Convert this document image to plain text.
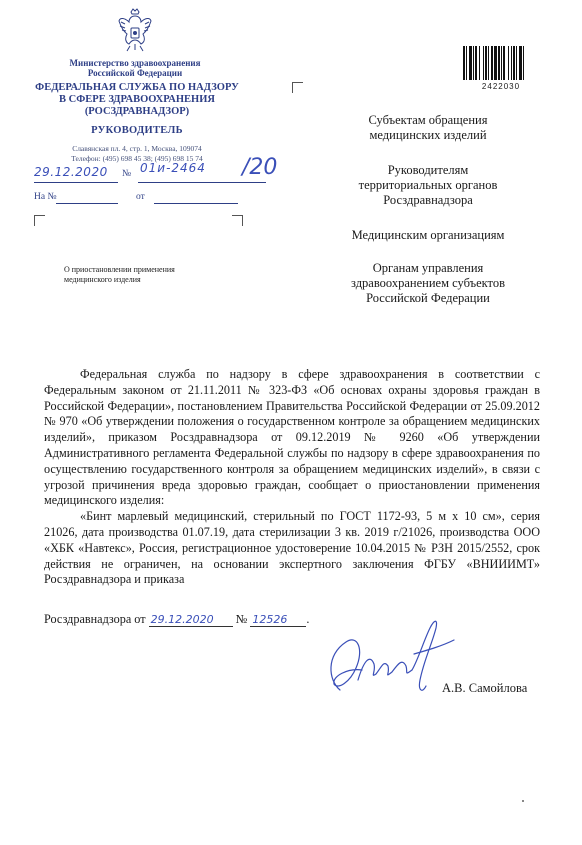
Министерство здравоохранения
Российской Федерации
ФЕДЕРАЛЬНАЯ СЛУЖБА ПО НАДЗОРУ
В СФЕРЕ ЗДРАВООХРАНЕНИЯ
(РОСЗДРАВНАДЗОР)
РУКОВОДИТЕЛЬ
Славянская пл. 4, стр. 1, Москва, 109074
Телефон: (495) 698 45 38; (495) 698 15 74
29.12.2020 № 01и-2464 /20
На №	от
О приостановлении применения
медицинского изделия
2422030
Субъектам обращения
медицинских изделий
Руководителям
территориальных органов
Росздравнадзора
Медицинским организациям
Органам управления
здравоохранением субъектов
Российской Федерации

Федеральная служба по надзору в сфере здравоохранения в соответствии с Федеральным законом от 21.11.2011 № 323-ФЗ «Об основах охраны здоровья граждан в Российской Федерации», постановлением Правительства Российской Федерации от 25.09.2012 № 970 «Об утверждении положения о государственном контроле за обращением медицинских изделий», приказом Росздравнадзора от 09.12.2019 № 9260 «Об утверждении Административного регламента Федеральной службы по надзору в сфере здравоохранения по осуществлению государственного контроля за обращением медицинских изделий», в связи с угрозой причинения вреда здоровью граждан, сообщает о приостановлении применения медицинского изделия:

«Бинт марлевый медицинский, стерильный по ГОСТ 1172-93, 5 м х 10 см», серия 21026, дата производства 01.07.19, дата стерилизации 3 кв. 2019 г/21026, производства ООО «ХБК «Навтекс», Россия, регистрационное удостоверение 10.04.2015 № РЗН 2015/2552, срок действия не ограничен, на основании экспертного заключения ФГБУ «ВНИИИМТ» Росздравнадзора и приказа

Росздравнадзора от 29.12.2020 № 12526 .
А.В. Самойлова
